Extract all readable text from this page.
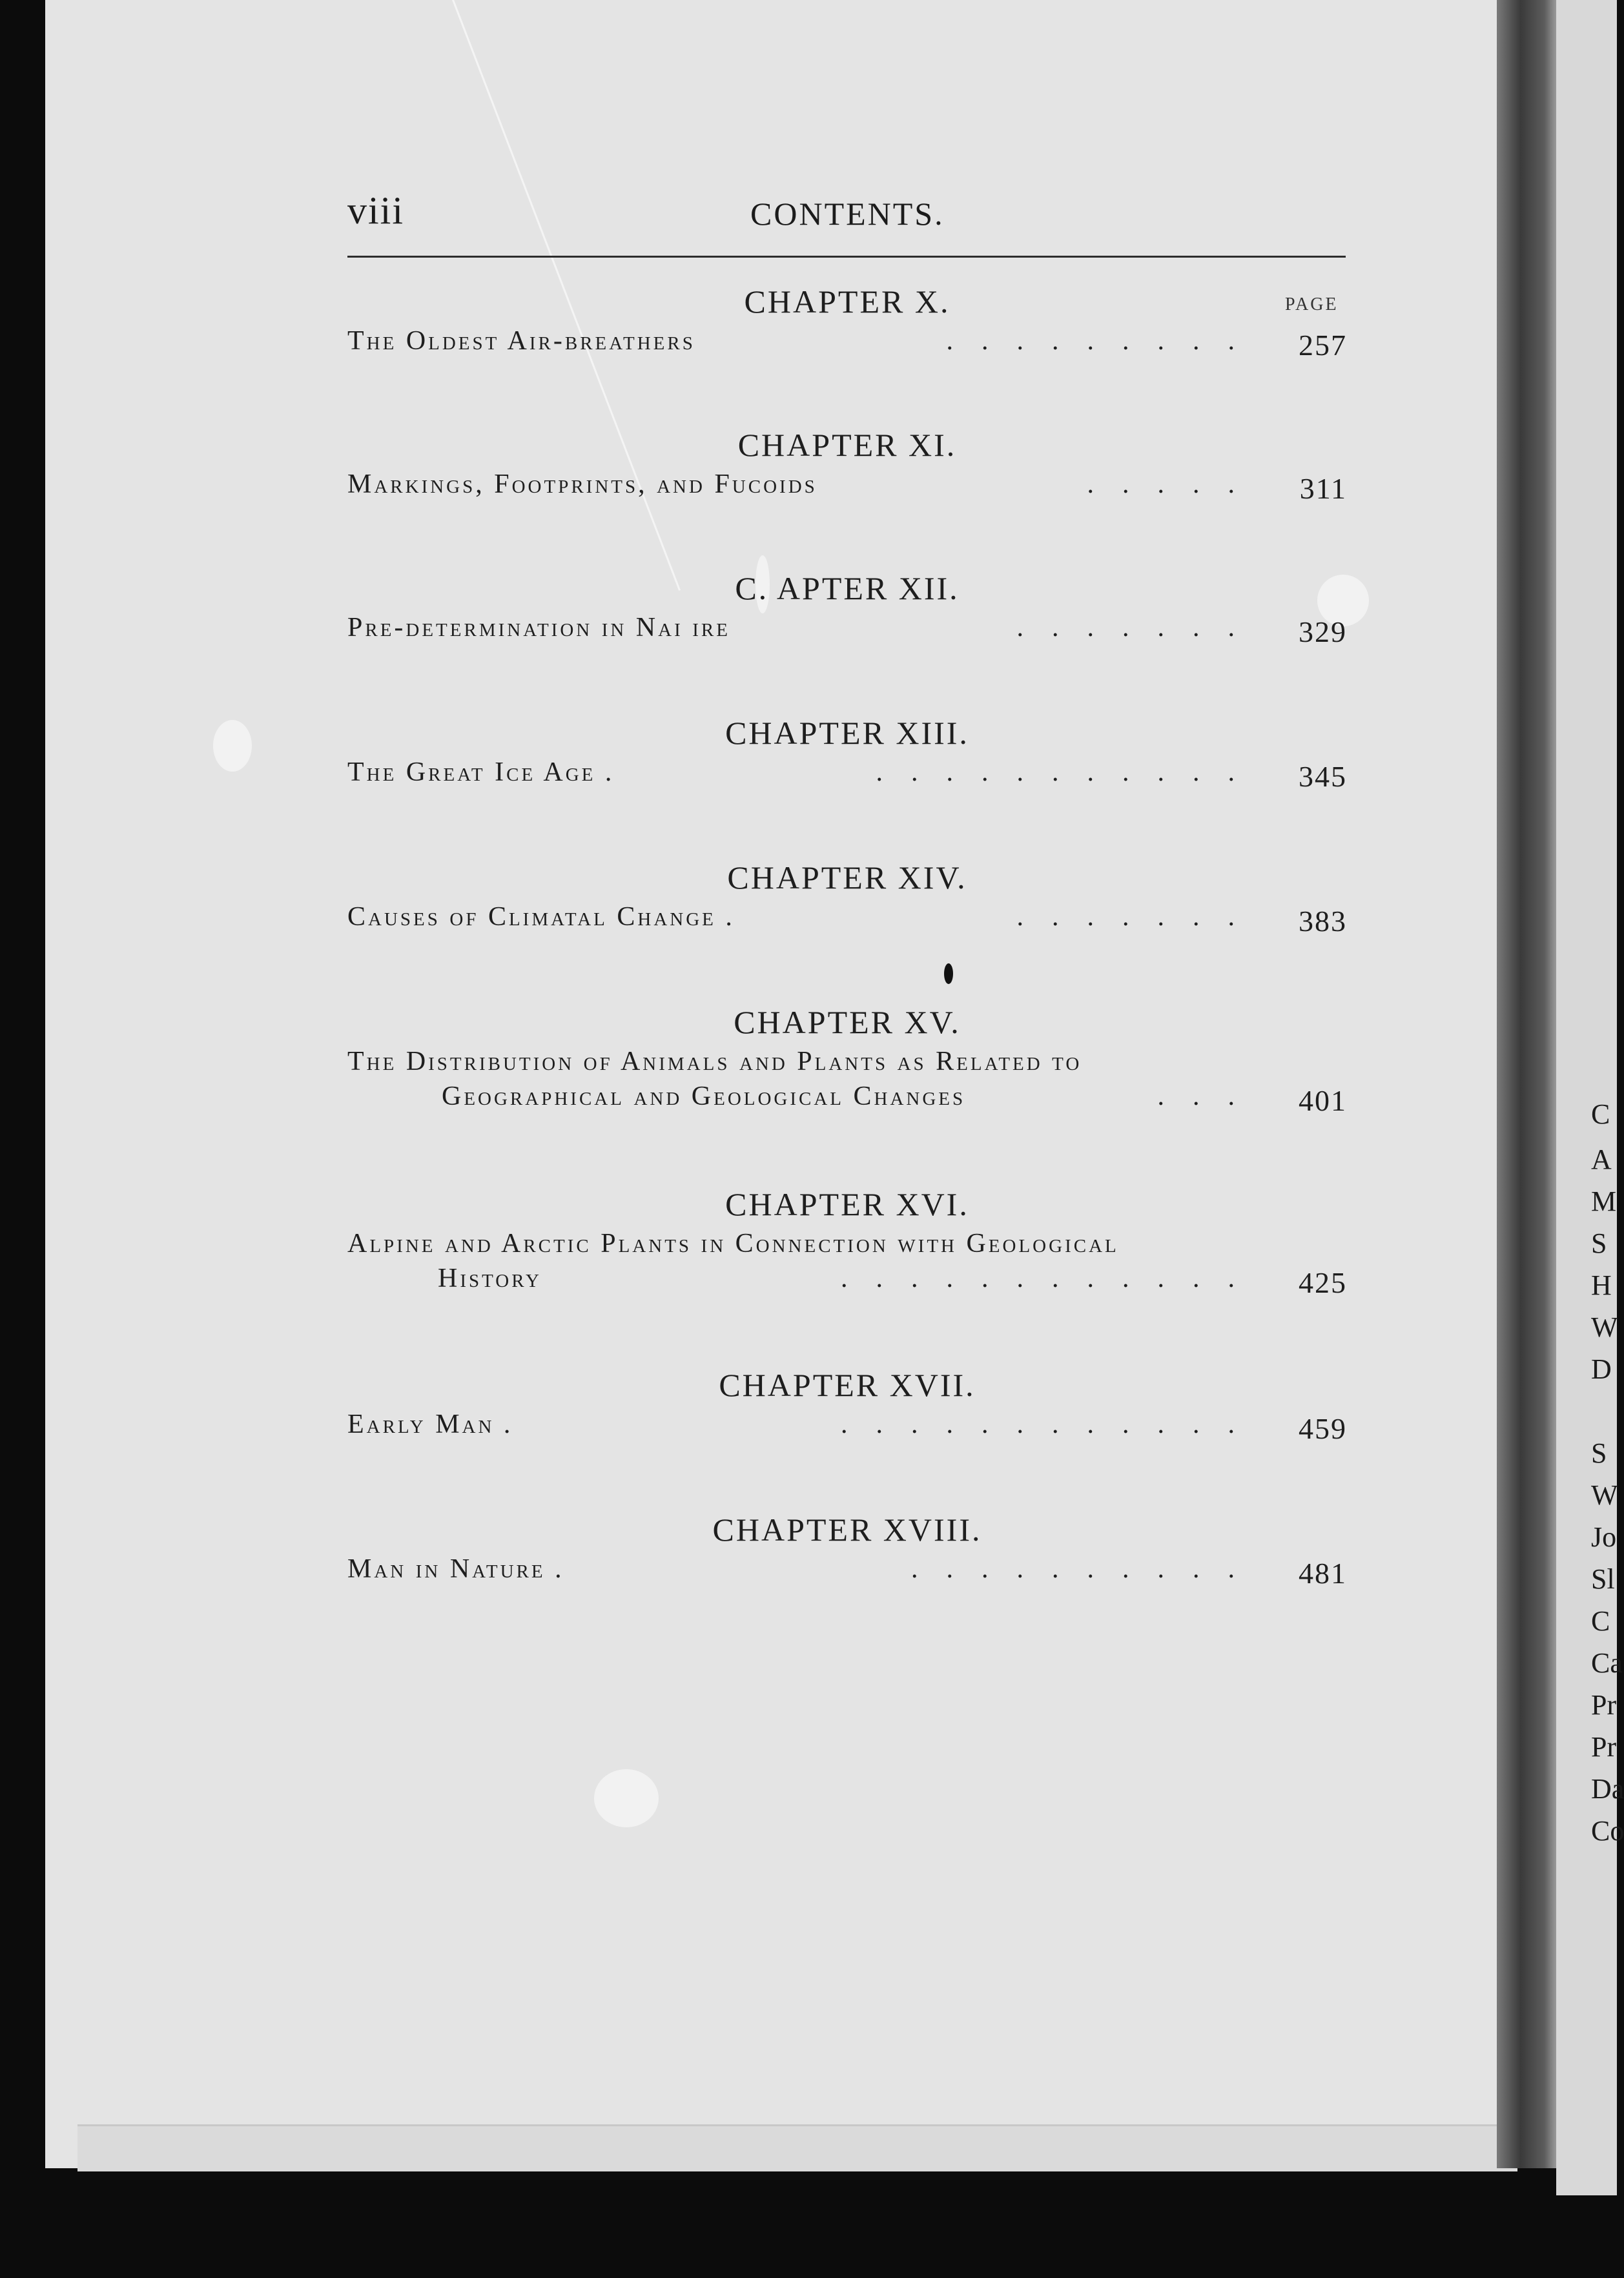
C
A
M
S
H
W
D
S
W
Jo
Sl
C
Ca
Pr
Pr
Da
Co
viii	CONTENTS.
PAGE
CHAPTER X.
The Oldest Air-breathers	......... 257
CHAPTER XI.
Markings, Footprints, and Fucoids	..... 311
C. APTER XII.
Pre-determination in Naı ıre	....... 329
CHAPTER XIII.
The Great Ice Age .	........... 345
CHAPTER XIV.
Causes of Climatal Change .	....... 383
CHAPTER XV.
The Distribution of Animals and Plants as Related to
Geographical and Geological Changes	... 401
CHAPTER XVI.
Alpine and Arctic Plants in Connection with Geological
History	............ 425
CHAPTER XVII.
Early Man .	............ 459
CHAPTER XVIII.
Man in Nature .	.......... 481
